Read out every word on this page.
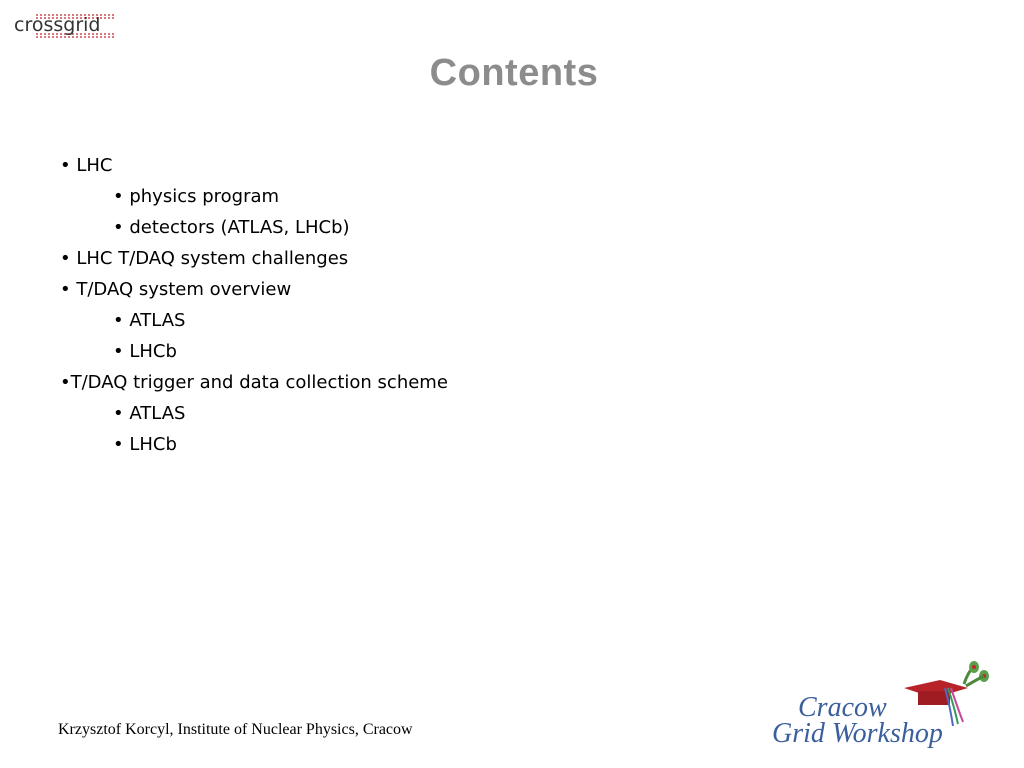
crossgrid
Contents
• LHC
• physics program
• detectors (ATLAS, LHCb)
• LHC T/DAQ system challenges
• T/DAQ system overview
• ATLAS
• LHCb
•T/DAQ trigger and data collection scheme
• ATLAS
• LHCb
Krzysztof Korcyl, Institute of Nuclear Physics, Cracow
Cracow
Grid Workshop
